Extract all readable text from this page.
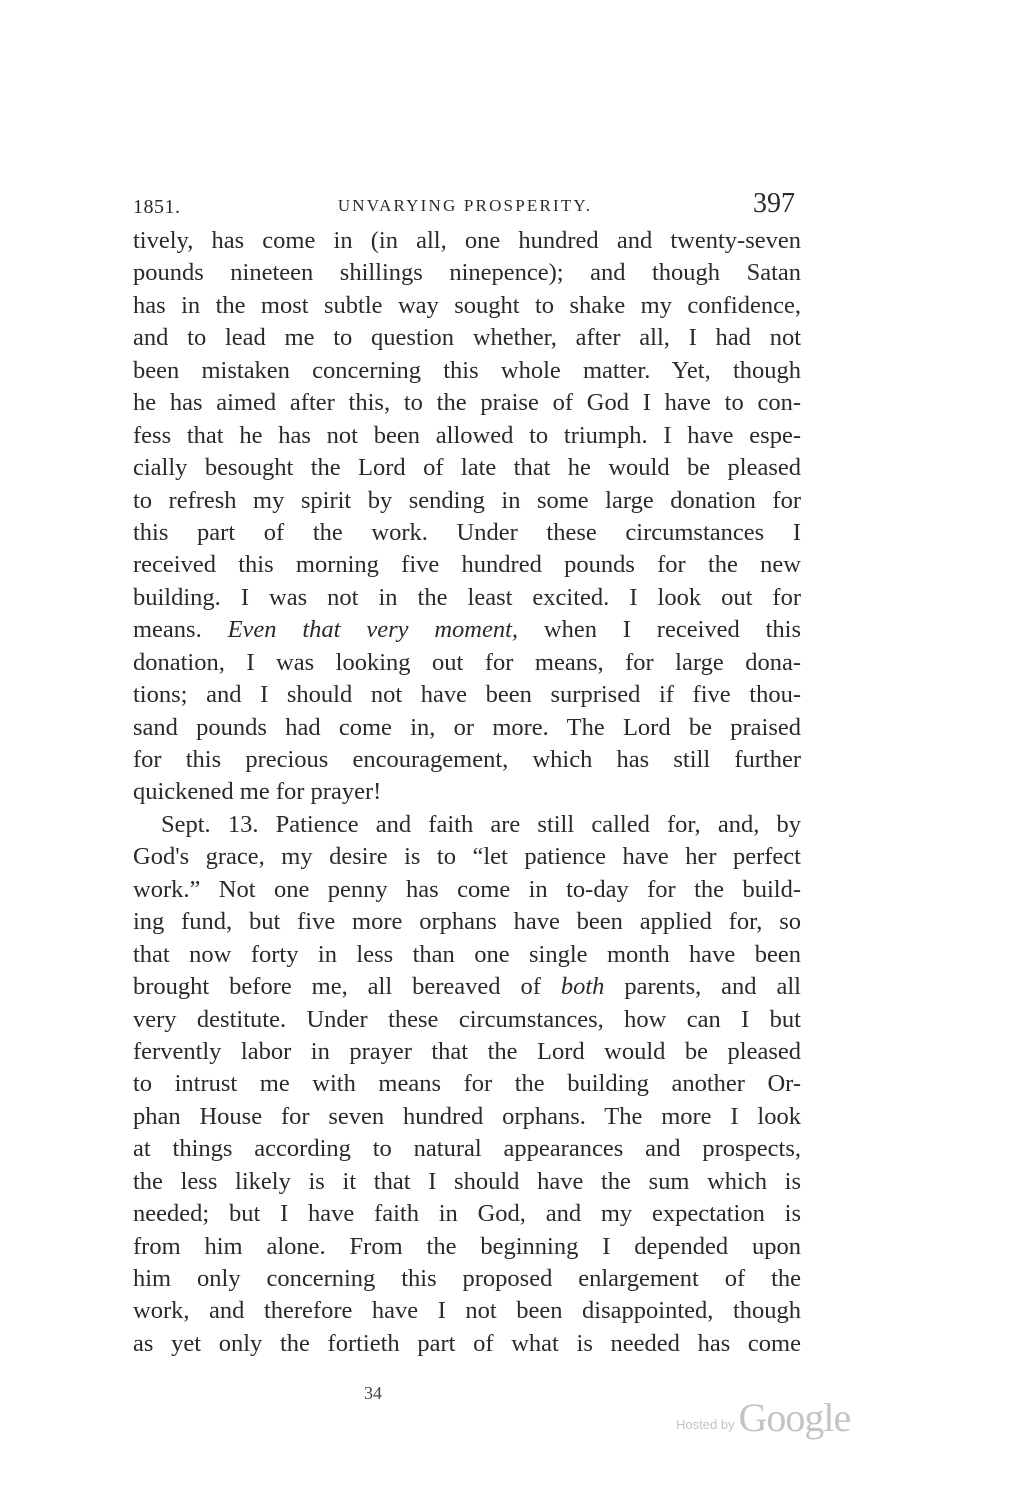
1851.	UNVARYING PROSPERITY.	397
tively, has come in (in all, one hundred and twenty-seven
pounds nineteen shillings ninepence); and though Satan
has in the most subtle way sought to shake my confidence,
and to lead me to question whether, after all, I had not
been mistaken concerning this whole matter. Yet, though
he has aimed after this, to the praise of God I have to con-
fess that he has not been allowed to triumph. I have espe-
cially besought the Lord of late that he would be pleased
to refresh my spirit by sending in some large donation for
this part of the work. Under these circumstances I
received this morning five hundred pounds for the new
building. I was not in the least excited. I look out for
means. Even that very moment, when I received this
donation, I was looking out for means, for large dona-
tions; and I should not have been surprised if five thou-
sand pounds had come in, or more. The Lord be praised
for this precious encouragement, which has still further
quickened me for prayer!
Sept. 13. Patience and faith are still called for, and, by
God's grace, my desire is to “let patience have her perfect
work.” Not one penny has come in to-day for the build-
ing fund, but five more orphans have been applied for, so
that now forty in less than one single month have been
brought before me, all bereaved of both parents, and all
very destitute. Under these circumstances, how can I but
fervently labor in prayer that the Lord would be pleased
to intrust me with means for the building another Or-
phan House for seven hundred orphans. The more I look
at things according to natural appearances and prospects,
the less likely is it that I should have the sum which is
needed; but I have faith in God, and my expectation is
from him alone. From the beginning I depended upon
him only concerning this proposed enlargement of the
work, and therefore have I not been disappointed, though
as yet only the fortieth part of what is needed has come
34
Hosted by Google
